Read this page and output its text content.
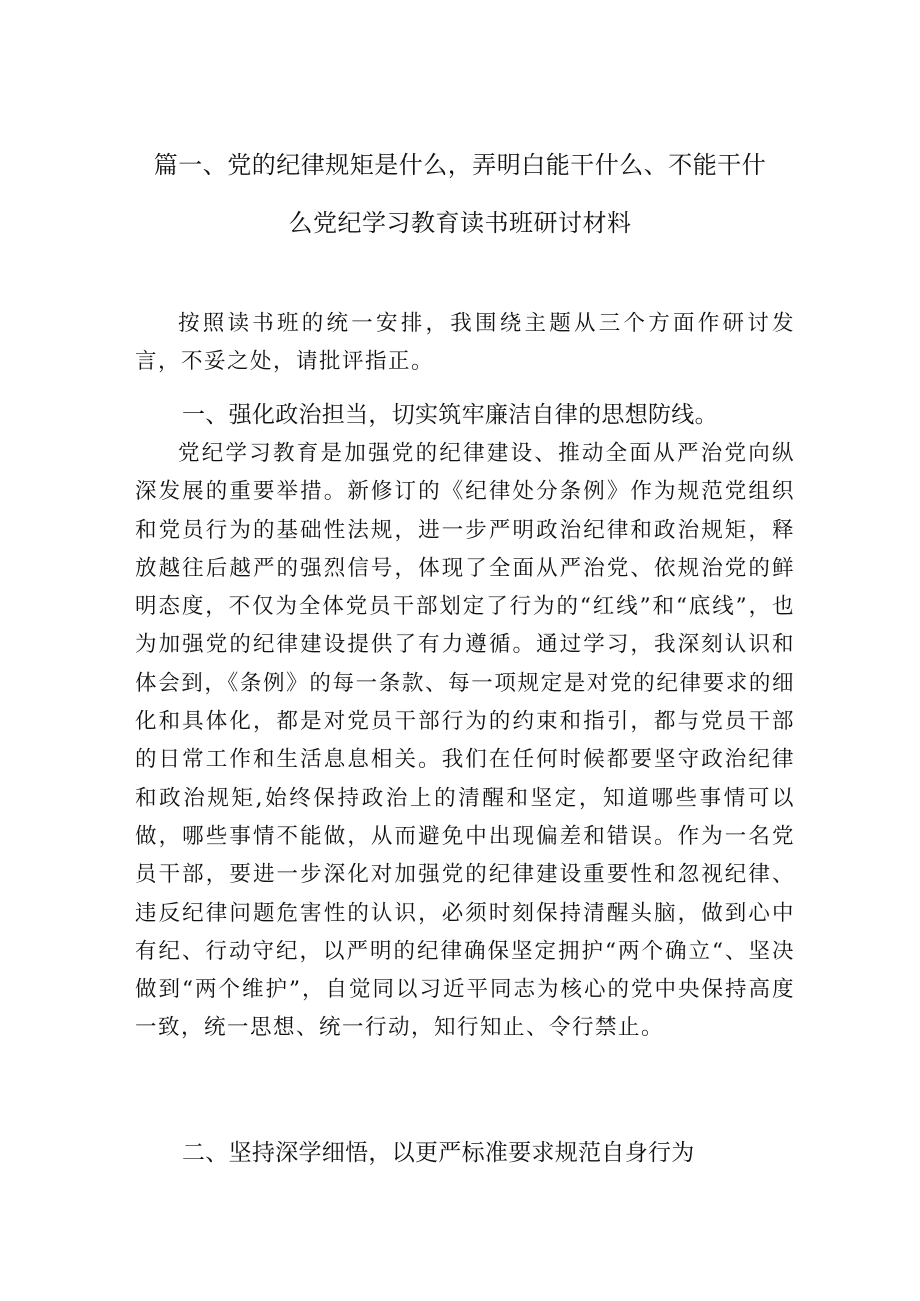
篇一、党的纪律规矩是什么，弄明白能干什么、不能干什
么党纪学习教育读书班研讨材料
按照读书班的统一安排，我围绕主题从三个方面作研讨发言，不妥之处，请批评指正。
一、强化政治担当，切实筑牢廉洁自律的思想防线。
党纪学习教育是加强党的纪律建设、推动全面从严治党向纵深发展的重要举措。新修订的《纪律处分条例》作为规范党组织和党员行为的基础性法规，进一步严明政治纪律和政治规矩，释放越往后越严的强烈信号，体现了全面从严治党、依规治党的鲜明态度，不仅为全体党员干部划定了行为的“红线”和“底线”，也为加强党的纪律建设提供了有力遵循。通过学习，我深刻认识和体会到，《条例》的每一条款、每一项规定是对党的纪律要求的细化和具体化，都是对党员干部行为的约束和指引，都与党员干部的日常工作和生活息息相关。我们在任何时候都要坚守政治纪律和政治规矩,始终保持政治上的清醒和坚定，知道哪些事情可以做，哪些事情不能做，从而避免中出现偏差和错误。作为一名党员干部，要进一步深化对加强党的纪律建设重要性和忽视纪律、违反纪律问题危害性的认识，必须时刻保持清醒头脑，做到心中有纪、行动守纪，以严明的纪律确保坚定拥护“两个确立“、坚决做到“两个维护”，自觉同以习近平同志为核心的党中央保持高度一致，统一思想、统一行动，知行知止、令行禁止。
二、坚持深学细悟，以更严标准要求规范自身行为
